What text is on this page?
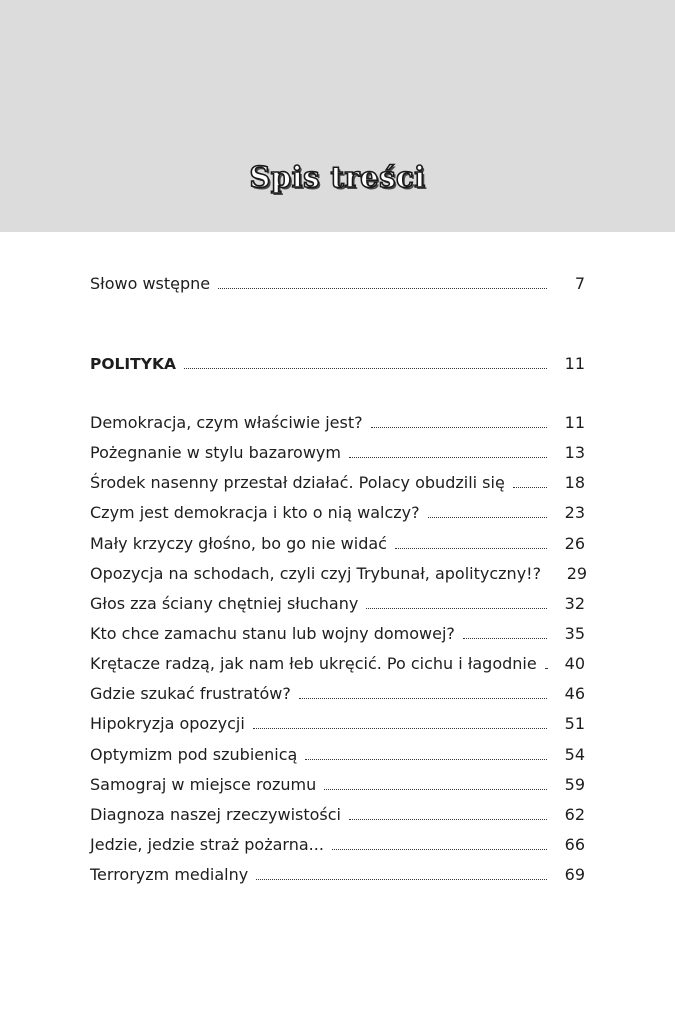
Spis treści
Słowo wstępne	7
POLITYKA	11
Demokracja, czym właściwie jest?	11
Pożegnanie w stylu bazarowym	13
Środek nasenny przestał działać. Polacy obudzili się	18
Czym jest demokracja i kto o nią walczy?	23
Mały krzyczy głośno, bo go nie widać	26
Opozycja na schodach, czyli czyj Trybunał, apolityczny!?	29
Głos zza ściany chętniej słuchany	32
Kto chce zamachu stanu lub wojny domowej?	35
Krętacze radzą, jak nam łeb ukręcić. Po cichu i łagodnie	40
Gdzie szukać frustratów?	46
Hipokryzja opozycji	51
Optymizm pod szubienicą	54
Samograj w miejsce rozumu	59
Diagnoza naszej rzeczywistości	62
Jedzie, jedzie straż pożarna...	66
Terroryzm medialny	69
